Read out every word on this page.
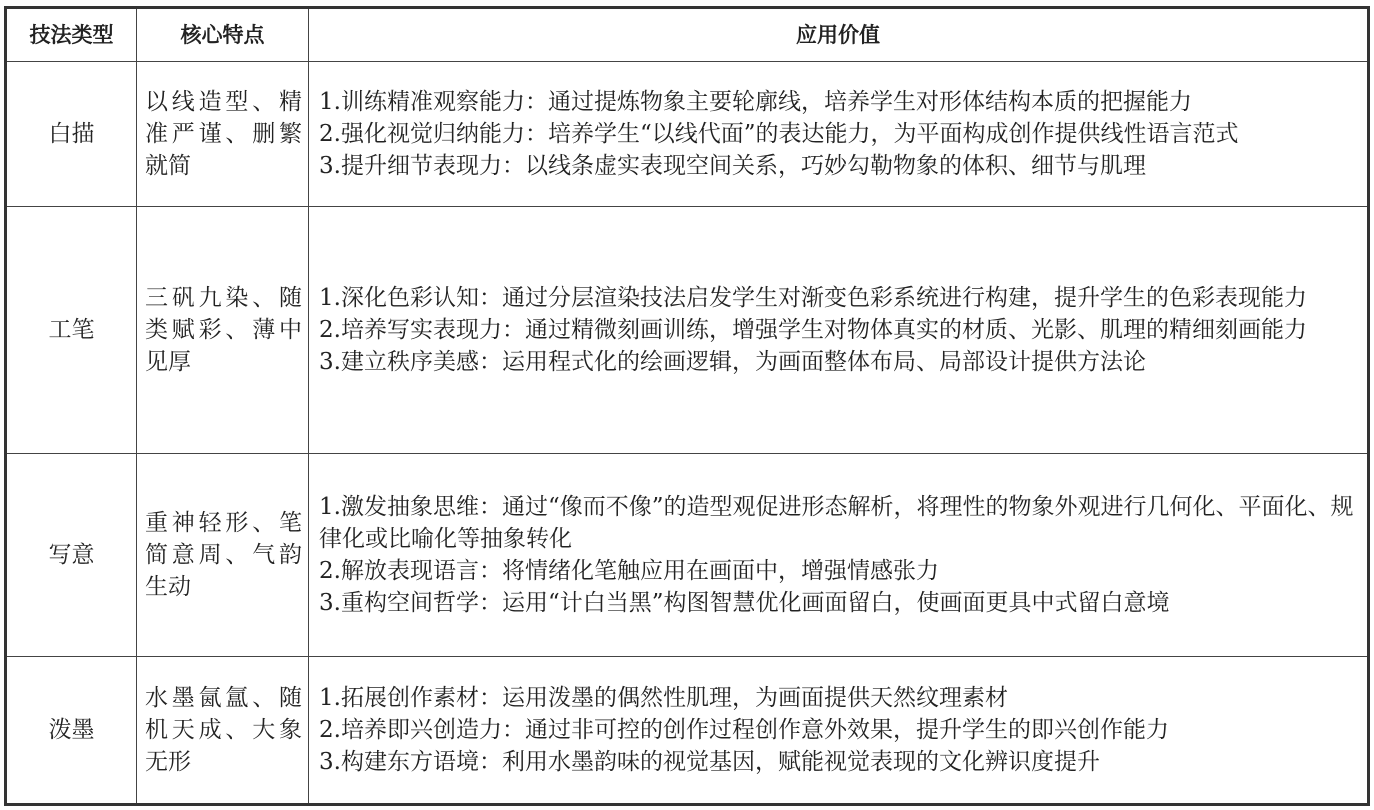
技法类型	核心特点	应用价值
白描	以线造型、精准严谨、删繁就简	1.训练精准观察能力：通过提炼物象主要轮廓线，培养学生对形体结构本质的把握能力
2.强化视觉归纳能力：培养学生“以线代面”的表达能力，为平面构成创作提供线性语言范式
3.提升细节表现力：以线条虚实表现空间关系，巧妙勾勒物象的体积、细节与肌理

工笔	三矾九染、随类赋彩、薄中见厚	1.深化色彩认知：通过分层渲染技法启发学生对渐变色彩系统进行构建，提升学生的色彩表现能力
2.培养写实表现力：通过精微刻画训练，增强学生对物体真实的材质、光影、肌理的精细刻画能力
3.建立秩序美感：运用程式化的绘画逻辑，为画面整体布局、局部设计提供方法论

写意	重神轻形、笔简意周、气韵生动	1.激发抽象思维：通过“像而不像”的造型观促进形态解析，将理性的物象外观进行几何化、平面化、规律化或比喻化等抽象转化
2.解放表现语言：将情绪化笔触应用在画面中，增强情感张力
3.重构空间哲学：运用“计白当黑”构图智慧优化画面留白，使画面更具中式留白意境

泼墨	水墨氤氲、随机天成、大象无形	1.拓展创作素材：运用泼墨的偶然性肌理，为画面提供天然纹理素材
2.培养即兴创造力：通过非可控的创作过程创作意外效果，提升学生的即兴创作能力
3.构建东方语境：利用水墨韵味的视觉基因，赋能视觉表现的文化辨识度提升
